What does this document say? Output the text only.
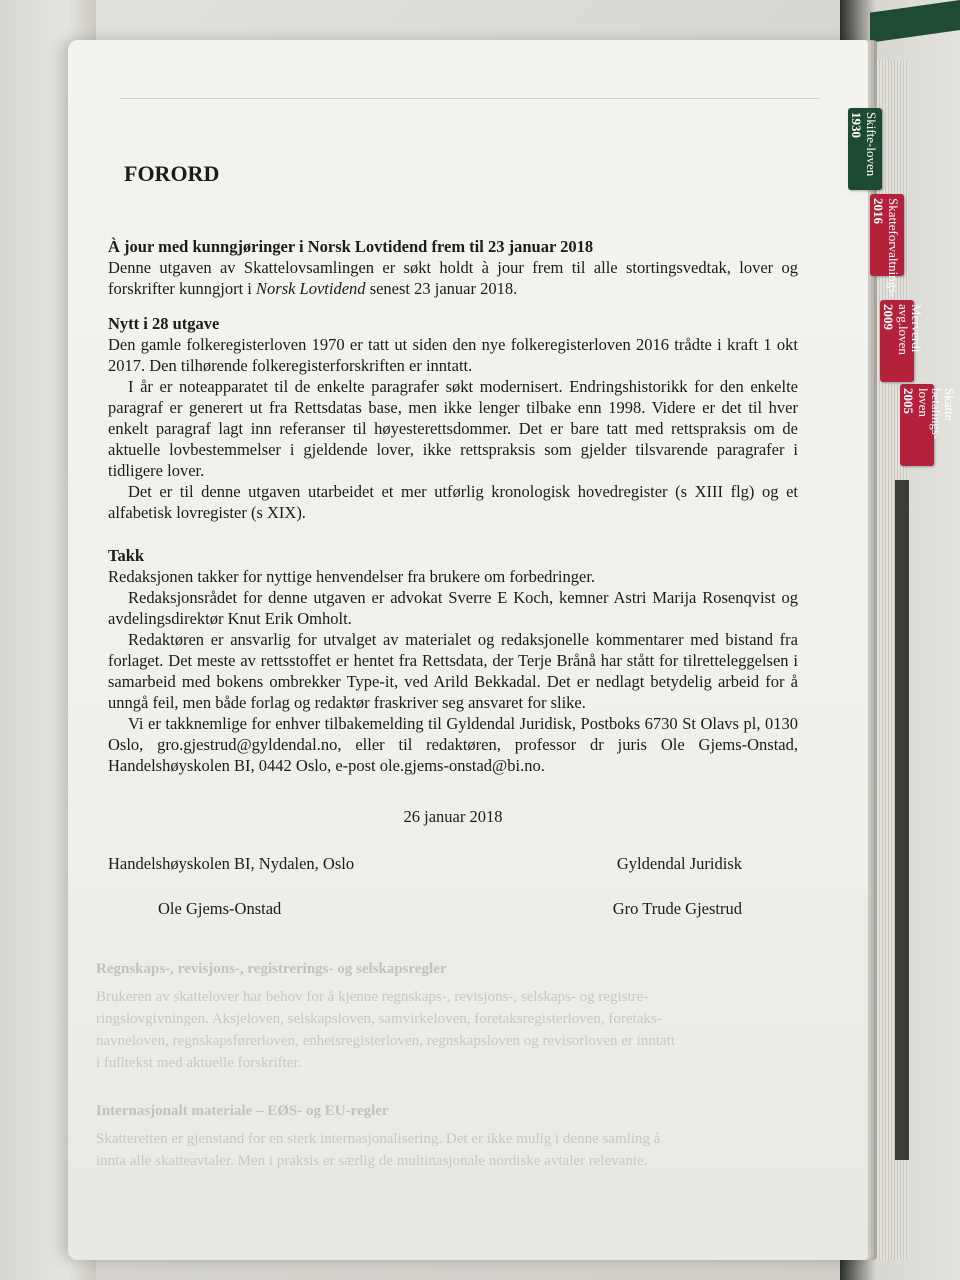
Regnskaps-, revisjons-, registrerings- og selskapsregler
Brukeren av skattelover har behov for å kjenne regnskaps-, revisjons-, selskaps- og registre-
ringslovgivningen. Aksjeloven, selskapsloven, samvirkeloven, foretaksregisterloven, foretaks-
navneloven, regnskapsførerloven, enhetsregisterloven, regnskapsloven og revisorloven er inntatt
i fulltekst med aktuelle forskrifter.
Internasjonalt materiale – EØS- og EU-regler
Skatteretten er gjenstand for en sterk internasjonalisering. Det er ikke mulig i denne samling å
innta alle skatteavtaler. Men i praksis er særlig de multinasjonale nordiske avtaler relevante.
1930 Skifte-loven
2016 Skatteforvaltnings-
2009	Merverdi avg.loven
2005	Skatte betalings-loven
FORORD
À jour med kunngjøringer i Norsk Lovtidend frem til 23 januar 2018

Denne utgaven av Skattelovsamlingen er søkt holdt à jour frem til alle stortingsvedtak, lover og forskrifter kunngjort i Norsk Lovtidend senest 23 januar 2018.

Nytt i 28 utgave

Den gamle folkeregisterloven 1970 er tatt ut siden den nye folkeregisterloven 2016 trådte i kraft 1 okt 2017. Den tilhørende folkeregisterforskriften er inntatt.

I år er noteapparatet til de enkelte paragrafer søkt modernisert. Endringshistorikk for den enkelte paragraf er generert ut fra Rettsdatas base, men ikke lenger tilbake enn 1998. Videre er det til hver enkelt paragraf lagt inn referanser til høyesterettsdommer. Det er bare tatt med rettspraksis om de aktuelle lovbestemmelser i gjeldende lover, ikke rettspraksis som gjelder tilsvarende paragrafer i tidligere lover.

Det er til denne utgaven utarbeidet et mer utførlig kronologisk hovedregister (s XIII flg) og et alfabetisk lovregister (s XIX).

Takk

Redaksjonen takker for nyttige henvendelser fra brukere om forbedringer.

Redaksjonsrådet for denne utgaven er advokat Sverre E Koch, kemner Astri Marija Rosenqvist og avdelingsdirektør Knut Erik Omholt.

Redaktøren er ansvarlig for utvalget av materialet og redaksjonelle kommentarer med bistand fra forlaget. Det meste av rettsstoffet er hentet fra Rettsdata, der Terje Brånå har stått for tilretteleggelsen i samarbeid med bokens ombrekker Type-it, ved Arild Bekkadal. Det er nedlagt betydelig arbeid for å unngå feil, men både forlag og redaktør fraskriver seg ansvaret for slike.

Vi er takknemlige for enhver tilbakemelding til Gyldendal Juridisk, Postboks 6730 St Olavs pl, 0130 Oslo, gro.gjestrud@gyldendal.no, eller til redaktøren, professor dr juris Ole Gjems-Onstad, Handelshøyskolen BI, 0442 Oslo, e-post ole.gjems-onstad@bi.no.

26 januar 2018
Handelshøyskolen BI, Nydalen, Oslo	Gyldendal Juridisk
Ole Gjems-Onstad	Gro Trude Gjestrud
